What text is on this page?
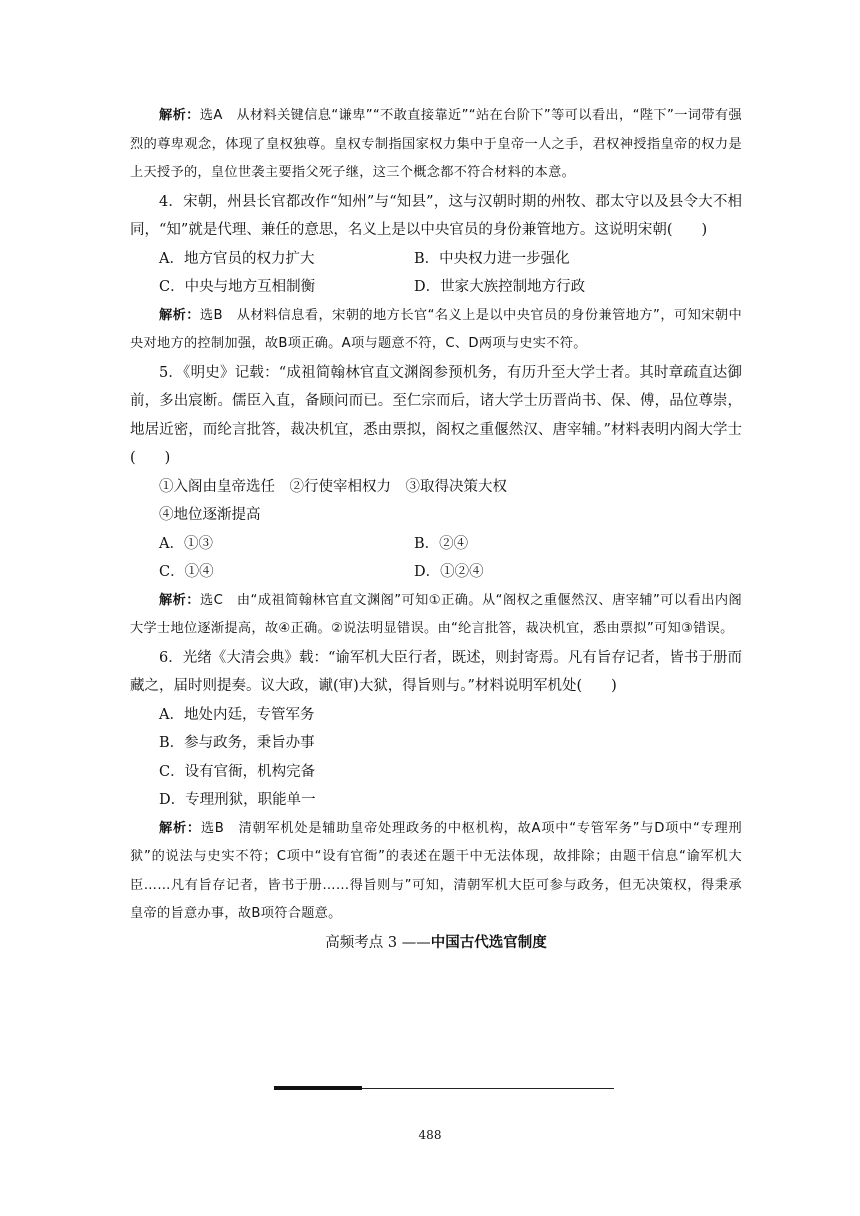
解析：选A　从材料关键信息“谦卑”“不敢直接靠近”“站在台阶下”等可以看出，“陛下”一词带有强烈的尊卑观念，体现了皇权独尊。皇权专制指国家权力集中于皇帝一人之手，君权神授指皇帝的权力是上天授予的，皇位世袭主要指父死子继，这三个概念都不符合材料的本意。

4．宋朝，州县长官都改作“知州”与“知县”，这与汉朝时期的州牧、郡太守以及县令大不相同，“知”就是代理、兼任的意思，名义上是以中央官员的身份兼管地方。这说明宋朝(　　)

A．地方官员的权力扩大	B．中央权力进一步强化
C．中央与地方互相制衡	D．世家大族控制地方行政

解析：选B　从材料信息看，宋朝的地方长官“名义上是以中央官员的身份兼管地方”，可知宋朝中央对地方的控制加强，故B项正确。A项与题意不符，C、D两项与史实不符。

5．《明史》记载：“成祖简翰林官直文渊阁参预机务，有历升至大学士者。其时章疏直达御前，多出宸断。儒臣入直，备顾问而已。至仁宗而后，诸大学士历晋尚书、保、傅，品位尊崇，地居近密，而纶言批答，裁决机宜，悉由票拟，阁权之重偃然汉、唐宰辅。”材料表明内阁大学士(　　)

①入阁由皇帝选任　②行使宰相权力　③取得决策大权
④地位逐渐提高
A．①③	B．②④
C．①④	D．①②④

解析：选C　由“成祖简翰林官直文渊阁”可知①正确。从“阁权之重偃然汉、唐宰辅”可以看出内阁大学士地位逐渐提高，故④正确。②说法明显错误。由“纶言批答，裁决机宜，悉由票拟”可知③错误。

6．光绪《大清会典》载：“谕军机大臣行者，既述，则封寄焉。凡有旨存记者，皆书于册而藏之，届时则提奏。议大政，谳(审)大狱，得旨则与。”材料说明军机处(　　)

A．地处内廷，专管军务
B．参与政务，秉旨办事
C．设有官衙，机构完备
D．专理刑狱，职能单一

解析：选B　清朝军机处是辅助皇帝处理政务的中枢机构，故A项中“专管军务”与D项中“专理刑狱”的说法与史实不符；C项中“设有官衙”的表述在题干中无法体现，故排除；由题干信息“谕军机大臣……凡有旨存记者，皆书于册……得旨则与”可知，清朝军机大臣可参与政务，但无决策权，得秉承皇帝的旨意办事，故B项符合题意。

高频考点 3 ——中国古代选官制度
488
